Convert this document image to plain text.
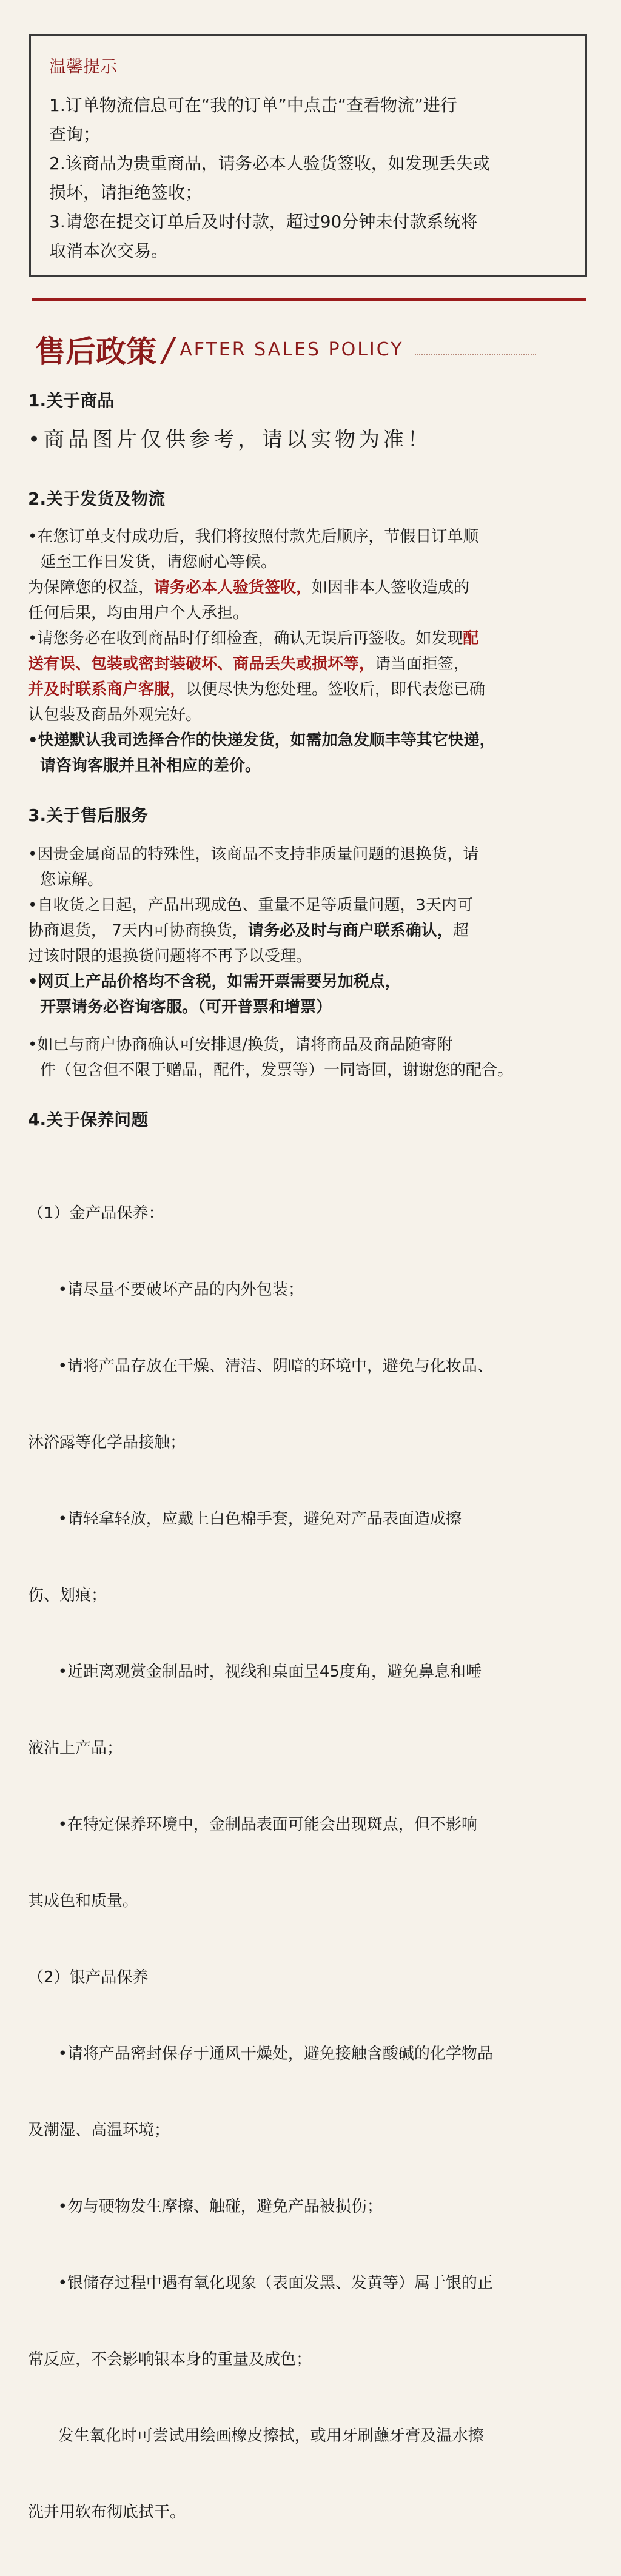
温馨提示
1.订单物流信息可在“我的订单”中点击“查看物流”进行
查询；
2.该商品为贵重商品，请务必本人验货签收，如发现丢失或
损坏，请拒绝签收；
3.请您在提交订单后及时付款，超过90分钟未付款系统将
取消本次交易。
售后政策 / AFTER SALES POLICY

1.关于商品

•商品图片仅供参考，请以实物为准！

2.关于发货及物流

•在您订单支付成功后，我们将按照付款先后顺序，节假日订单顺

延至工作日发货，请您耐心等候。

为保障您的权益，请务必本人验货签收，如因非本人签收造成的

任何后果，均由用户个人承担。

•请您务必在收到商品时仔细检查，确认无误后再签收。如发现配

送有误、包装或密封装破坏、商品丢失或损坏等，请当面拒签，

并及时联系商户客服，以便尽快为您处理。签收后，即代表您已确

认包装及商品外观完好。

•快递默认我司选择合作的快递发货，如需加急发顺丰等其它快递，

请咨询客服并且补相应的差价。

3.关于售后服务

•因贵金属商品的特殊性，该商品不支持非质量问题的退换货，请

您谅解。

•自收货之日起，产品出现成色、重量不足等质量问题，3天内可

协商退货， 7天内可协商换货，请务必及时与商户联系确认，超

过该时限的退换货问题将不再予以受理。

•网页上产品价格均不含税，如需开票需要另加税点，

开票请务必咨询客服。（可开普票和增票）

•如已与商户协商确认可安排退/换货，请将商品及商品随寄附

件（包含但不限于赠品，配件，发票等）一同寄回，谢谢您的配合。

4.关于保养问题

（1）金产品保养：

•请尽量不要破坏产品的内外包装；

•请将产品存放在干燥、清洁、阴暗的环境中，避免与化妆品、

沐浴露等化学品接触；

•请轻拿轻放，应戴上白色棉手套，避免对产品表面造成擦

伤、划痕；

•近距离观赏金制品时，视线和桌面呈45度角，避免鼻息和唾

液沾上产品；

•在特定保养环境中，金制品表面可能会出现斑点，但不影响

其成色和质量。

（2）银产品保养

•请将产品密封保存于通风干燥处，避免接触含酸碱的化学物品

及潮湿、高温环境；

•勿与硬物发生摩擦、触碰，避免产品被损伤；

•银储存过程中遇有氧化现象（表面发黑、发黄等）属于银的正

常反应，不会影响银本身的重量及成色；

发生氧化时可尝试用绘画橡皮擦拭，或用牙刷蘸牙膏及温水擦

洗并用软布彻底拭干。
